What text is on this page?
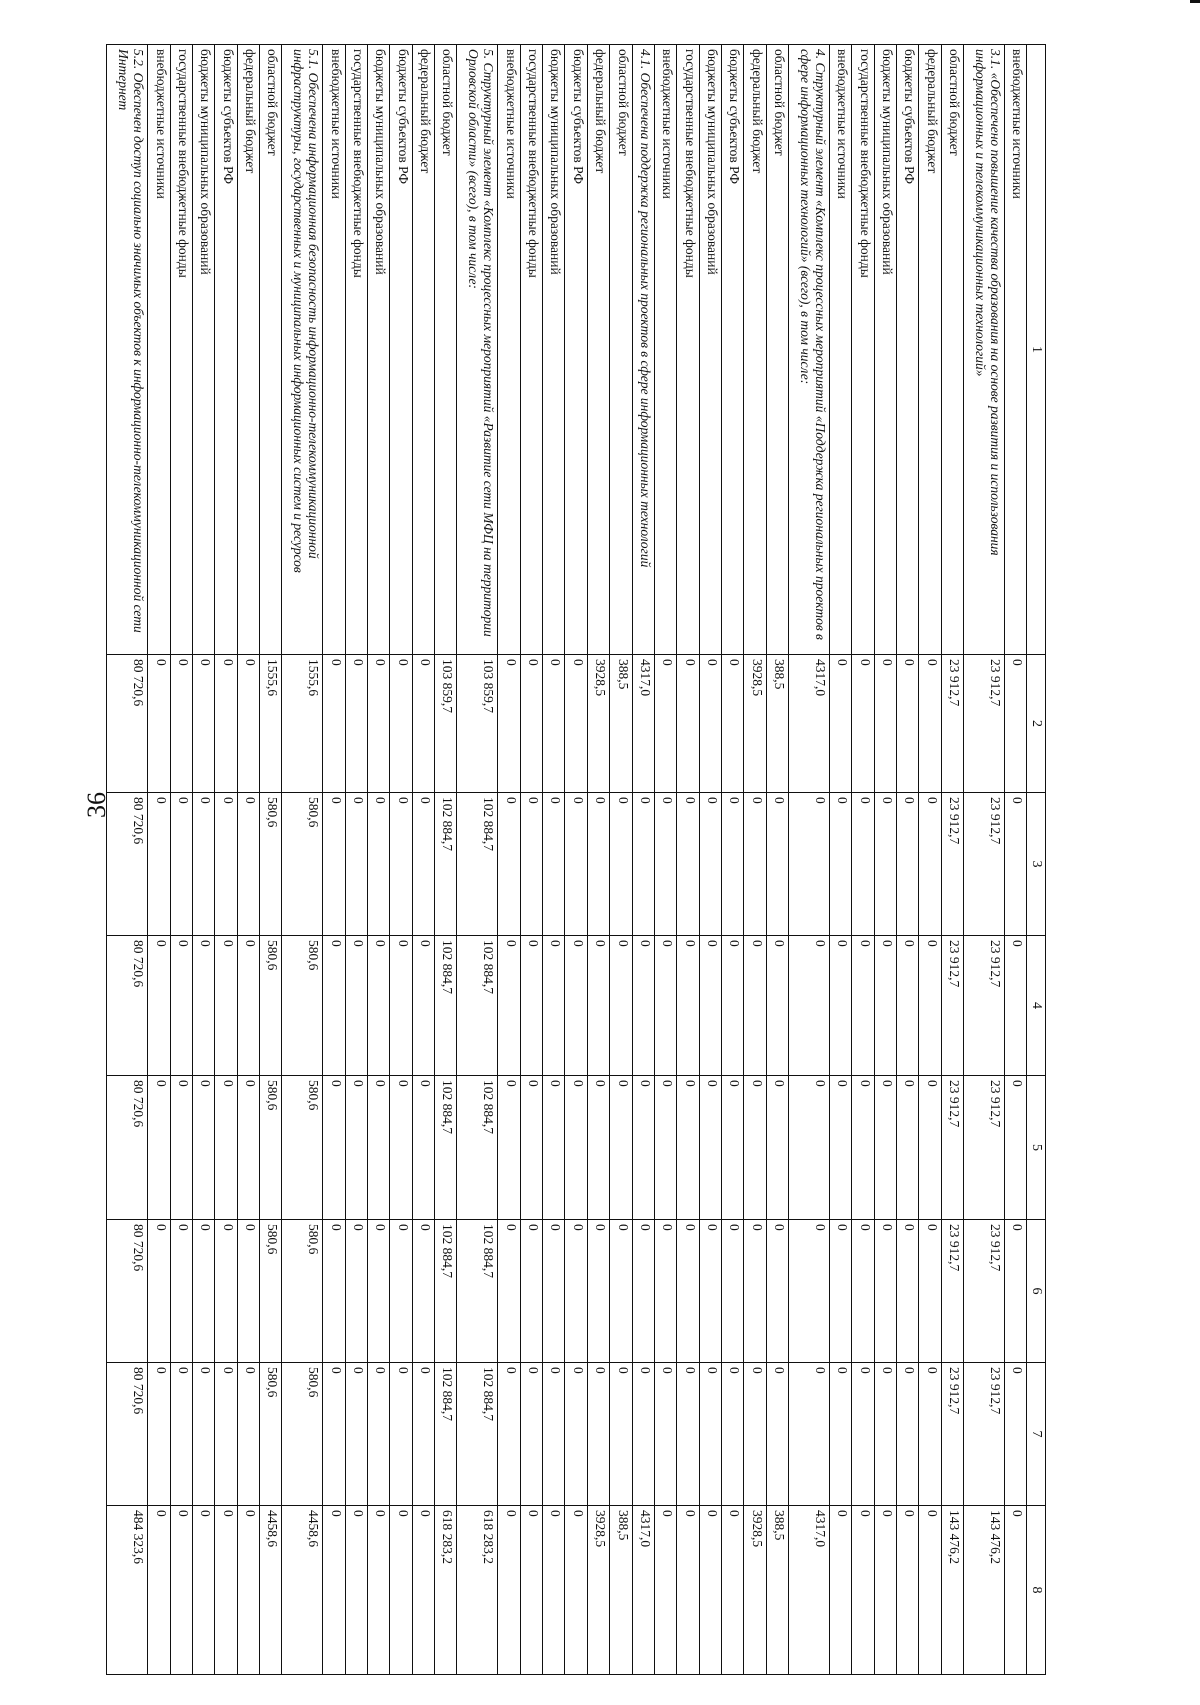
36
1	2	3	4	5	6	7	8
внебюджетные источники	0	0	0	0	0	0	0
3.1. «Обеспечено повышение качества образования на основе развития и использования информационных и телекоммуникационных технологий»	23 912,7	23 912,7	23 912,7	23 912,7	23 912,7	23 912,7	143 476,2
областной бюджет	23 912,7	23 912,7	23 912,7	23 912,7	23 912,7	23 912,7	143 476,2
федеральный бюджет	0	0	0	0	0	0	0
бюджеты субъектов РФ	0	0	0	0	0	0	0
бюджеты муниципальных образований	0	0	0	0	0	0	0
государственные внебюджетные фонды	0	0	0	0	0	0	0
внебюджетные источники	0	0	0	0	0	0	0
4. Структурный элемент «Комплекс процессных мероприятий «Поддержка региональных проектов в сфере информационных технологий» (всего), в том числе:	4317,0	0	0	0	0	0	4317,0
областной бюджет	388,5	0	0	0	0	0	388,5
федеральный бюджет	3928,5	0	0	0	0	0	3928,5
бюджеты субъектов РФ	0	0	0	0	0	0	0
бюджеты муниципальных образований	0	0	0	0	0	0	0
государственные внебюджетные фонды	0	0	0	0	0	0	0
внебюджетные источники	0	0	0	0	0	0	0
4.1. Обеспечена поддержка региональных проектов в сфере информационных технологий	4317,0	0	0	0	0	0	4317,0
областной бюджет	388,5	0	0	0	0	0	388,5
федеральный бюджет	3928,5	0	0	0	0	0	3928,5
бюджеты субъектов РФ	0	0	0	0	0	0	0
бюджеты муниципальных образований	0	0	0	0	0	0	0
государственные внебюджетные фонды	0	0	0	0	0	0	0
внебюджетные источники	0	0	0	0	0	0	0
5. Структурный элемент «Комплекс процессных мероприятий «Развитие сети МФЦ на территории Орловской области» (всего), в том числе:	103 859,7	102 884,7	102 884,7	102 884,7	102 884,7	102 884,7	618 283,2
областной бюджет	103 859,7	102 884,7	102 884,7	102 884,7	102 884,7	102 884,7	618 283,2
федеральный бюджет	0	0	0	0	0	0	0
бюджеты субъектов РФ	0	0	0	0	0	0	0
бюджеты муниципальных образований	0	0	0	0	0	0	0
государственные внебюджетные фонды	0	0	0	0	0	0	0
внебюджетные источники	0	0	0	0	0	0	0
5.1. Обеспечена информационная безопасность информационно-телекоммуникационной инфраструктуры, государственных и муниципальных информационных систем и ресурсов	1555,6	580,6	580,6	580,6	580,6	580,6	4458,6
областной бюджет	1555,6	580,6	580,6	580,6	580,6	580,6	4458,6
федеральный бюджет	0	0	0	0	0	0	0
бюджеты субъектов РФ	0	0	0	0	0	0	0
бюджеты муниципальных образований	0	0	0	0	0	0	0
государственные внебюджетные фонды	0	0	0	0	0	0	0
внебюджетные источники	0	0	0	0	0	0	0
5.2. Обеспечен доступ социально значимых объектов к информационно-телекоммуникационной сети Интернет	80 720,6	80 720,6	80 720,6	80 720,6	80 720,6	80 720,6	484 323,6
